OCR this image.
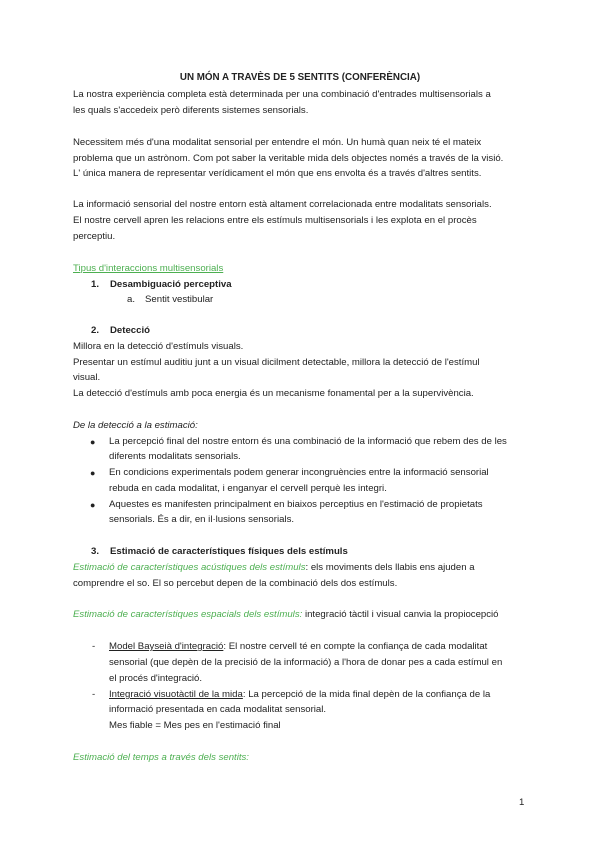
UN MÓN A TRAVÈS DE 5 SENTITS (CONFERÈNCIA)
La nostra experiència completa està determinada per una combinació d'entrades multisensorials a
les quals s'accedeix però diferents sistemes sensorials.
Necessitem més d'una modalitat sensorial per entendre el món. Un humà quan neix té el mateix
problema que un astrònom. Com pot saber la veritable mida dels objectes només a través de la visió.
L' única manera de representar verídicament el món que ens envolta és a través d'altres sentits.
La informació sensorial del nostre entorn està altament correlacionada entre modalitats sensorials.
El nostre cervell apren les relacions entre els estímuls multisensorials i les explota en el procès
perceptiu.
Tipus d'interaccions multisensorials
1. Desambiguació perceptiva
a. Sentit vestibular
2. Detecció
Millora en la detecció d'estímuls visuals.
Presentar un estímul auditiu junt a un visual dicilment detectable, millora la detecció de l'estímul
visual.
La detecció d'estímuls amb poca energia és un mecanisme fonamental per a la supervivència.
De la detecció a la estimació:
● La percepció final del nostre entorn és una combinació de la informació que rebem des de les
diferents modalitats sensorials.
● En condicions experimentals podem generar incongruències entre la informació sensorial
rebuda en cada modalitat, i enganyar el cervell perquè les integri.
● Aquestes es manifesten principalment en biaixos perceptius en l'estimació de propietats
sensorials. És a dir, en il·lusions sensorials.
3. Estimació de característiques físiques dels estímuls
Estimació de característiques acústiques dels estímuls: els moviments dels llabis ens ajuden a
comprendre el so. El so percebut depen de la combinació dels dos estímuls.
Estimació de característiques espacials dels estímuls: integració tàctil i visual canvia la propiocepció
- Model Bayseià d'integració: El nostre cervell té en compte la confiança de cada modalitat
sensorial (que depèn de la precisió de la informació) a l'hora de donar pes a cada estímul en
el procés d'integració.
- Integració visuotàctil de la mida: La percepció de la mida final depèn de la confiança de la
informació presentada en cada modalitat sensorial.
Mes fiable = Mes pes en l'estimació final
Estimació del temps a través dels sentits:
1
